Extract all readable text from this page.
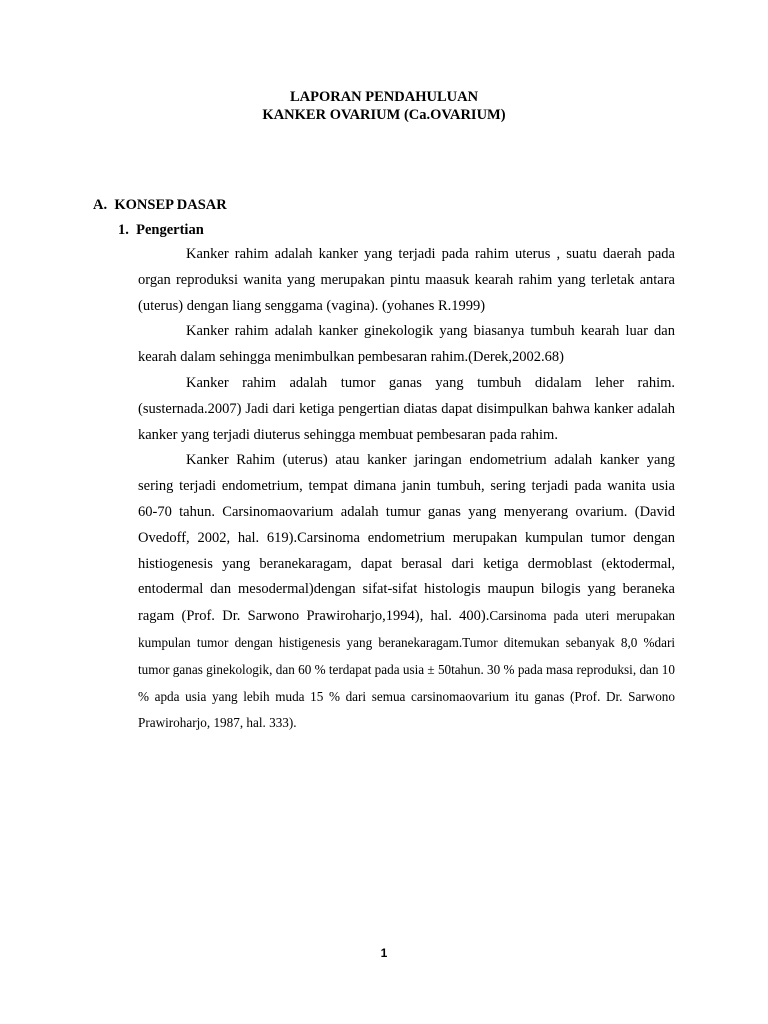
LAPORAN PENDAHULUAN
KANKER OVARIUM (Ca.OVARIUM)
A.  KONSEP DASAR
1.  Pengertian

Kanker rahim adalah kanker yang terjadi pada rahim uterus , suatu daerah pada organ reproduksi wanita yang merupakan pintu maasuk kearah rahim yang terletak antara (uterus) dengan liang senggama (vagina). (yohanes R.1999)

Kanker rahim adalah kanker ginekologik yang biasanya tumbuh kearah luar dan kearah dalam sehingga menimbulkan pembesaran rahim.(Derek,2002.68)

Kanker rahim adalah tumor ganas yang tumbuh didalam leher rahim.(susternada.2007) Jadi dari ketiga pengertian diatas dapat disimpulkan bahwa kanker adalah kanker yang terjadi diuterus sehingga membuat pembesaran pada rahim.

Kanker Rahim (uterus) atau kanker jaringan endometrium adalah kanker yang sering terjadi endometrium, tempat dimana janin tumbuh, sering terjadi pada wanita usia 60-70 tahun. Carsinomaovarium adalah tumur ganas yang menyerang ovarium. (David Ovedoff, 2002, hal. 619).Carsinoma endometrium merupakan kumpulan tumor dengan histiogenesis yang beranekaragam, dapat berasal dari ketiga dermoblast (ektodermal, entodermal dan mesodermal)dengan sifat-sifat histologis maupun bilogis yang beraneka ragam (Prof. Dr. Sarwono Prawiroharjo,1994), hal. 400).Carsinoma pada uteri merupakan kumpulan tumor dengan histigenesis yang beranekaragam.Tumor ditemukan sebanyak 8,0 %dari tumor ganas ginekologik, dan 60 % terdapat pada usia ± 50tahun. 30 % pada masa reproduksi, dan 10 % apda usia yang lebih muda 15 % dari semua carsinomaovarium itu ganas (Prof. Dr. Sarwono Prawiroharjo, 1987, hal. 333).

1
